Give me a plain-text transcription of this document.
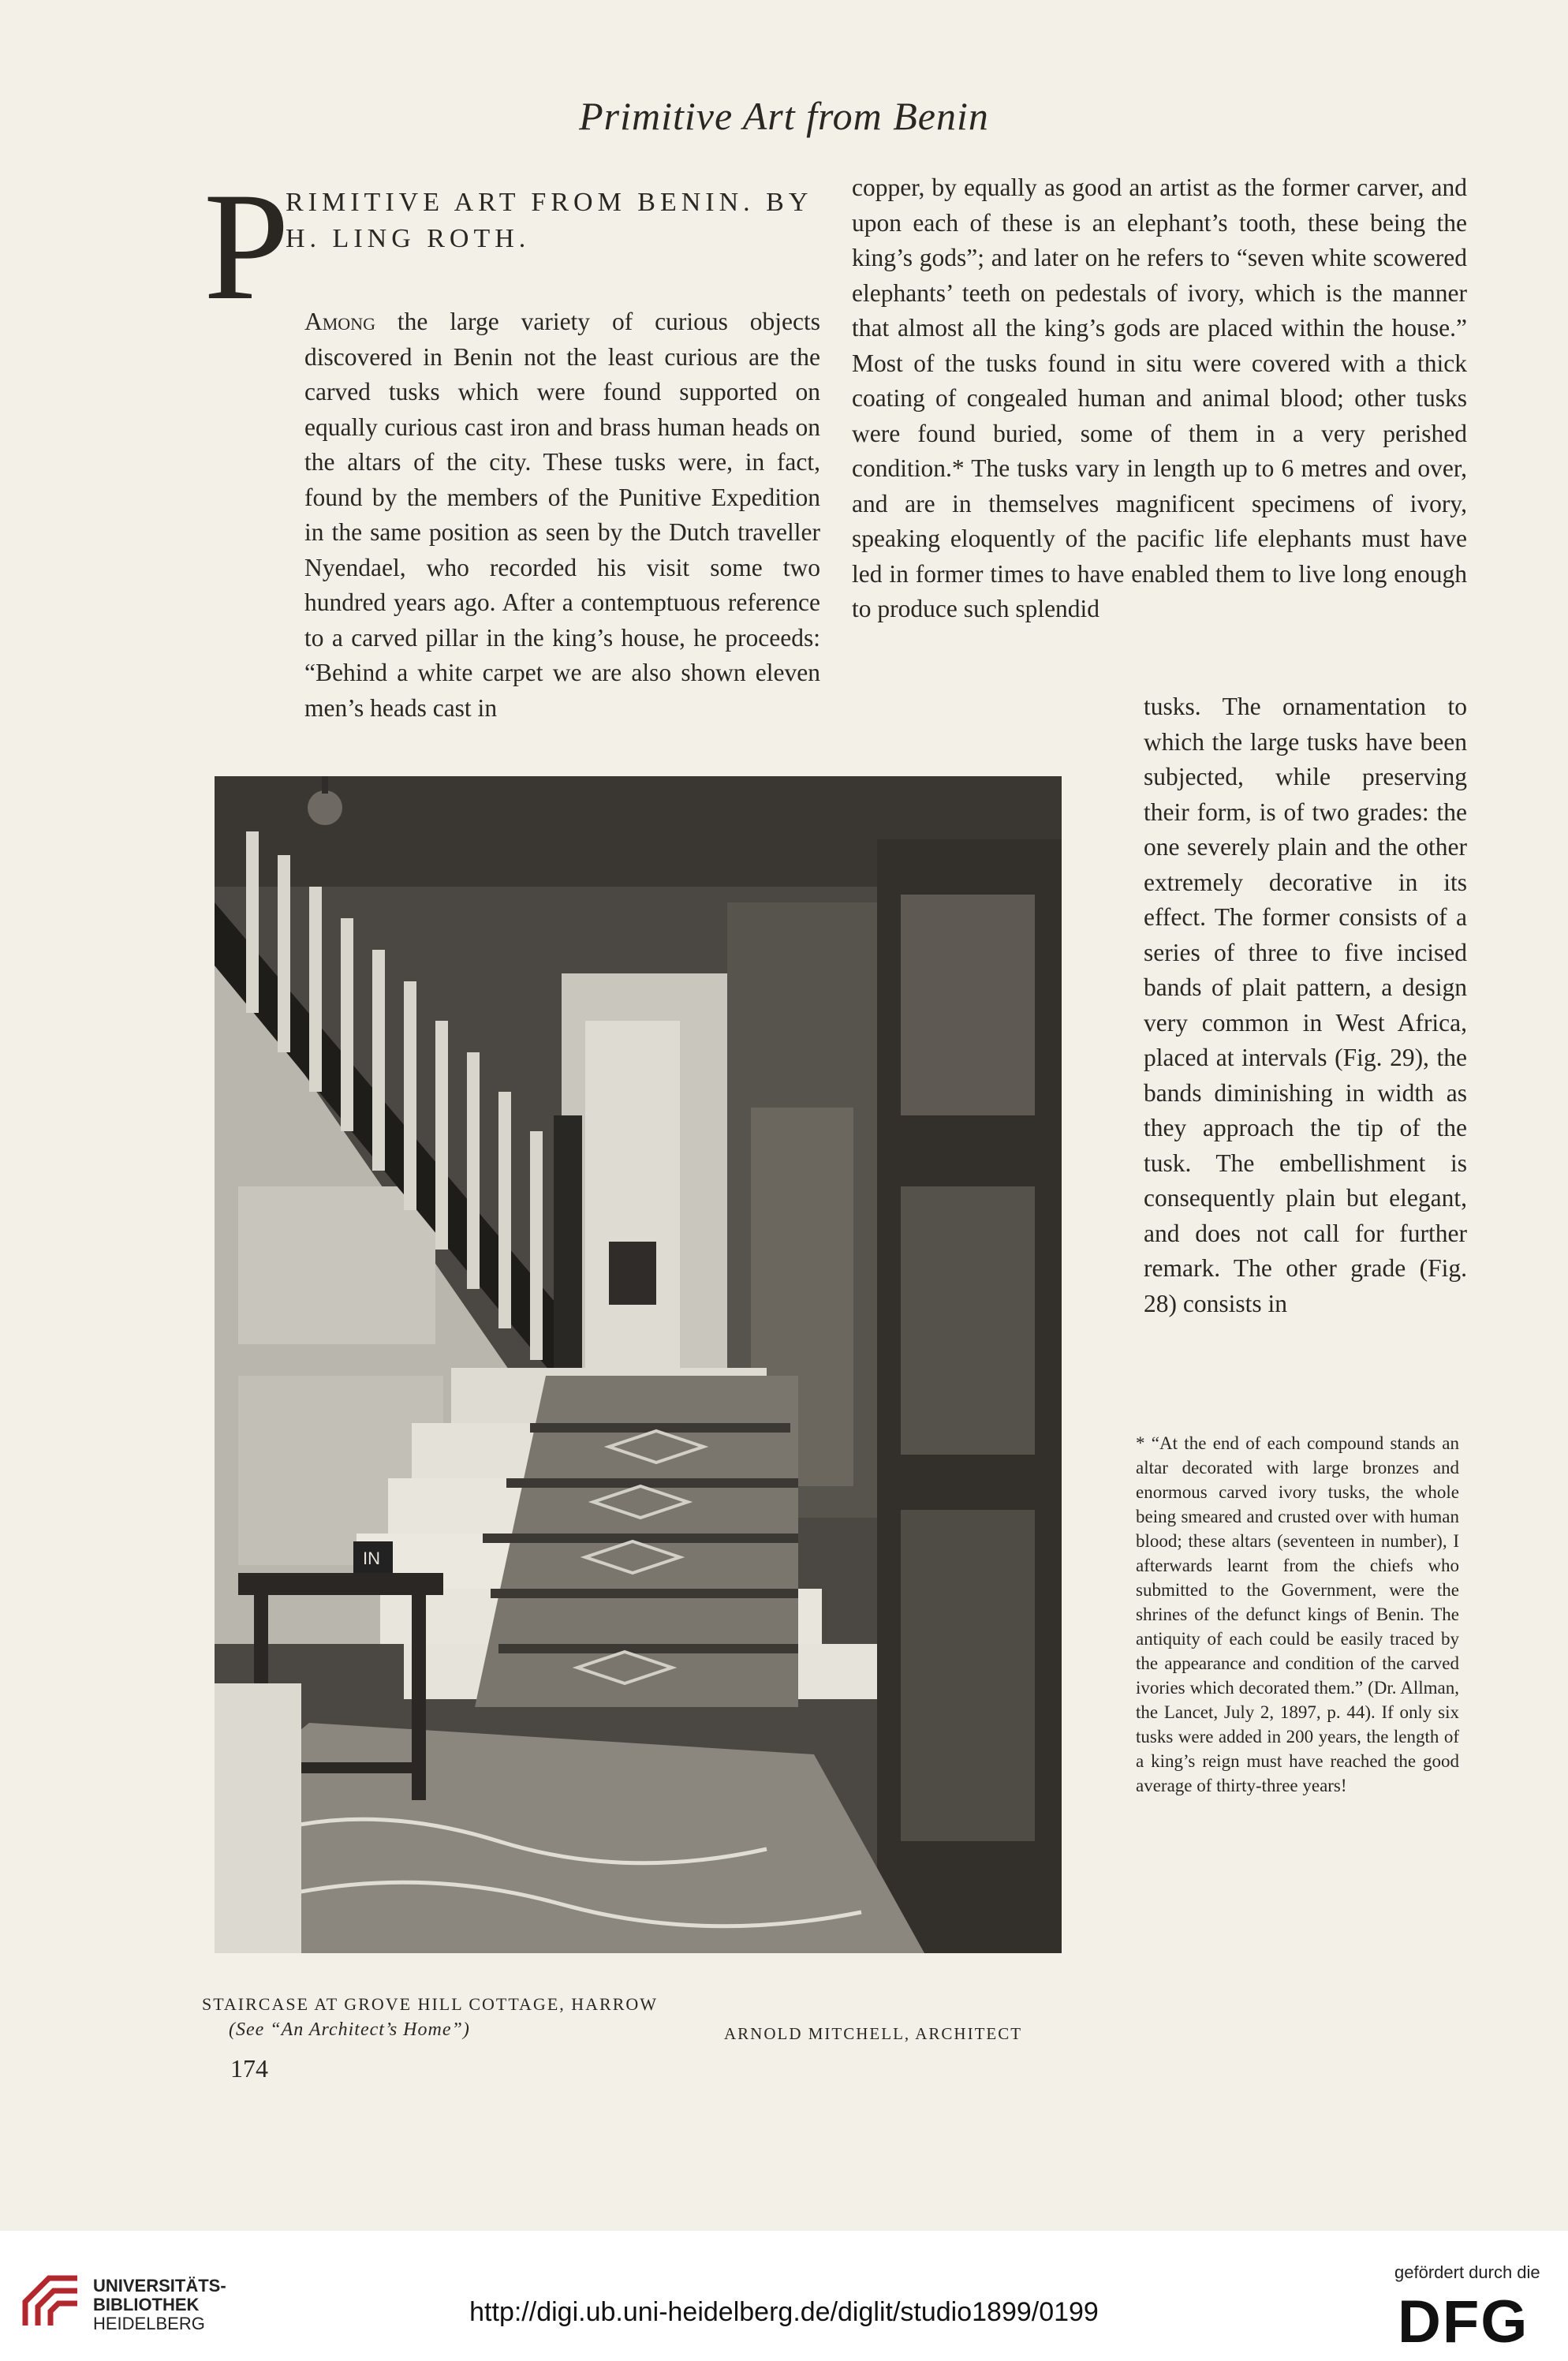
Primitive Art from Benin
P
RIMITIVE ART FROM BENIN. BY H. LING ROTH.

Among the large variety of curious objects discovered in Benin not the least curious are the carved tusks which were found supported on equally curious cast iron and brass human heads on the altars of the city. These tusks were, in fact, found by the members of the Punitive Expedition in the same position as seen by the Dutch traveller Nyendael, who recorded his visit some two hundred years ago. After a contemptuous reference to a carved pillar in the king’s house, he proceeds: “Behind a white carpet we are also shown eleven men’s heads cast in

copper, by equally as good an artist as the former carver, and upon each of these is an elephant’s tooth, these being the king’s gods”; and later on he refers to “seven white scowered elephants’ teeth on pedestals of ivory, which is the manner that almost all the king’s gods are placed within the house.” Most of the tusks found in situ were covered with a thick coating of congealed human and animal blood; other tusks were found buried, some of them in a very perished condition.* The tusks vary in length up to 6 metres and over, and are in themselves magnificent specimens of ivory, speaking eloquently of the pacific life elephants must have led in former times to have enabled them to live long enough to produce such splendid

IN
STAIRCASE AT GROVE HILL COTTAGE, HARROW
(See “An Architect’s Home”)	ARNOLD MITCHELL, ARCHITECT
174
tusks. The ornamentation to which the large tusks have been subjected, while preserving their form, is of two grades: the one severely plain and the other extremely decorative in its effect. The former consists of a series of three to five incised bands of plait pattern, a design very common in West Africa, placed at intervals (Fig. 29), the bands diminishing in width as they approach the tip of the tusk. The embellishment is consequently plain but elegant, and does not call for further remark. The other grade (Fig. 28) consists in
* “At the end of each compound stands an altar decorated with large bronzes and enormous carved ivory tusks, the whole being smeared and crusted over with human blood; these altars (seventeen in number), I afterwards learnt from the chiefs who submitted to the Government, were the shrines of the defunct kings of Benin. The antiquity of each could be easily traced by the appearance and condition of the carved ivories which decorated them.” (Dr. Allman, the Lancet, July 2, 1897, p. 44). If only six tusks were added in 200 years, the length of a king’s reign must have reached the good average of thirty-three years!
UNIVERSITÄTS-
BIBLIOTHEK
HEIDELBERG	http://digi.ub.uni-heidelberg.de/diglit/studio1899/0199
gefördert durch die
DFG
